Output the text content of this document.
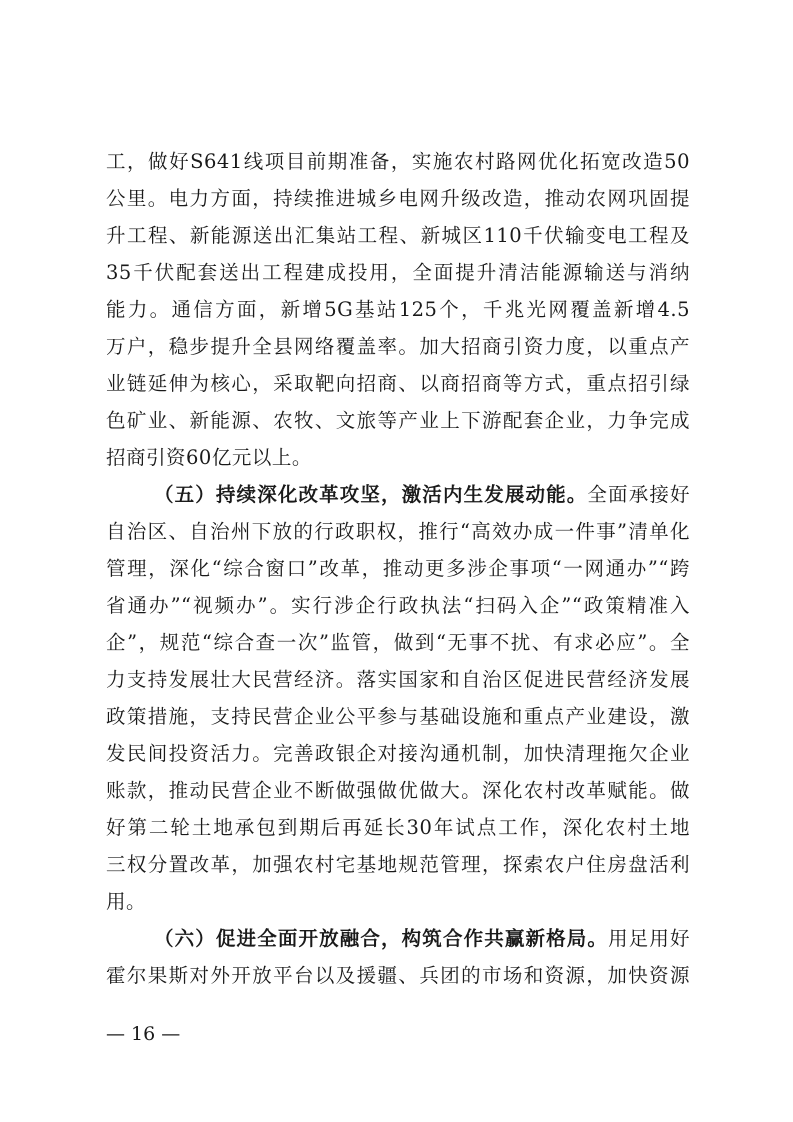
工，做好S641线项目前期准备，实施农村路网优化拓宽改造50
公里。电力方面，持续推进城乡电网升级改造，推动农网巩固提
升工程、新能源送出汇集站工程、新城区110千伏输变电工程及
35千伏配套送出工程建成投用，全面提升清洁能源输送与消纳
能力。通信方面，新增5G基站125个，千兆光网覆盖新增4.5
万户，稳步提升全县网络覆盖率。加大招商引资力度，以重点产
业链延伸为核心，采取靶向招商、以商招商等方式，重点招引绿
色矿业、新能源、农牧、文旅等产业上下游配套企业，力争完成
招商引资60亿元以上。
（五）持续深化改革攻坚，激活内生发展动能。全面承接好
自治区、自治州下放的行政职权，推行“高效办成一件事”清单化
管理，深化“综合窗口”改革，推动更多涉企事项“一网通办”“跨
省通办”“视频办”。实行涉企行政执法“扫码入企”“政策精准入
企”，规范“综合查一次”监管，做到“无事不扰、有求必应”。全
力支持发展壮大民营经济。落实国家和自治区促进民营经济发展
政策措施，支持民营企业公平参与基础设施和重点产业建设，激
发民间投资活力。完善政银企对接沟通机制，加快清理拖欠企业
账款，推动民营企业不断做强做优做大。深化农村改革赋能。做
好第二轮土地承包到期后再延长30年试点工作，深化农村土地
三权分置改革，加强农村宅基地规范管理，探索农户住房盘活利
用。
（六）促进全面开放融合，构筑合作共赢新格局。用足用好
霍尔果斯对外开放平台以及援疆、兵团的市场和资源，加快资源
— 16 —
